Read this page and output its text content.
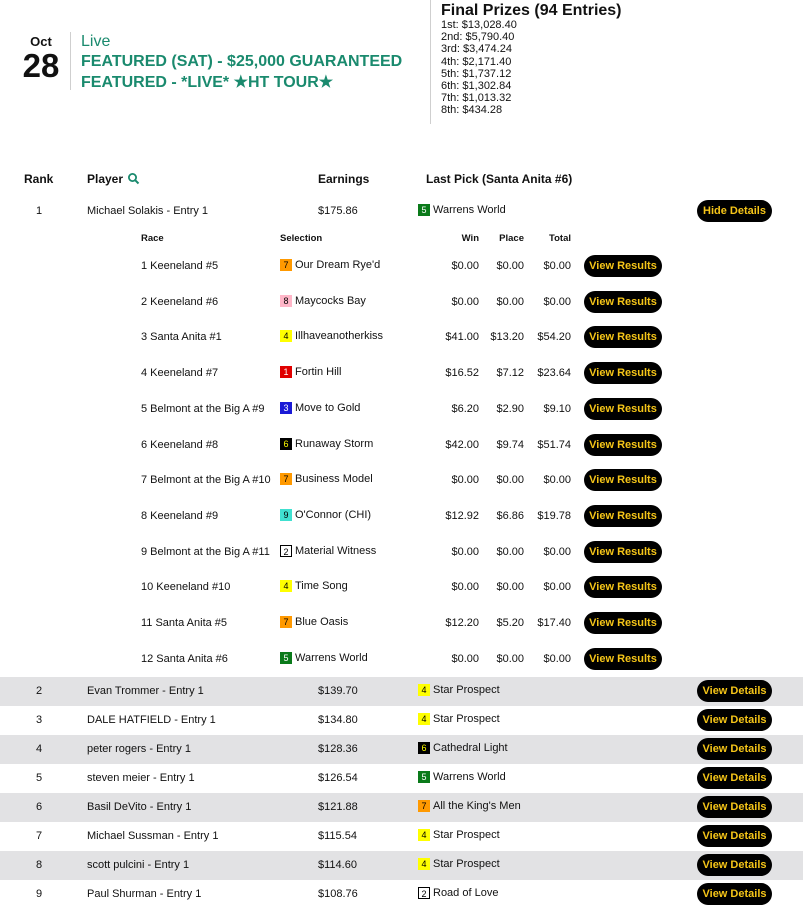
Oct
28
Live
FEATURED (SAT) - $25,000 GUARANTEED
FEATURED - *LIVE* ★HT TOUR★
Final Prizes (94 Entries)
1st: $13,028.40
2nd: $5,790.40
3rd: $3,474.24
4th: $2,171.40
5th: $1,737.12
6th: $1,302.84
7th: $1,013.32
8th: $434.28
Rank	Player	Earnings	Last Pick (Santa Anita #6)
1	Michael Solakis - Entry 1	$175.86	5 Warrens World	Hide Details
Race	Selection	Win	Place	Total
1 Keeneland #5	7 Our Dream Rye'd	$0.00	$0.00	$0.00	View Results
2 Keeneland #6	8 Maycocks Bay	$0.00	$0.00	$0.00	View Results
3 Santa Anita #1	4 Illhaveanotherkiss	$41.00	$13.20	$54.20	View Results
4 Keeneland #7	1 Fortin Hill	$16.52	$7.12	$23.64	View Results
5 Belmont at the Big A #9	3 Move to Gold	$6.20	$2.90	$9.10	View Results
6 Keeneland #8	6 Runaway Storm	$42.00	$9.74	$51.74	View Results
7 Belmont at the Big A #10	7 Business Model	$0.00	$0.00	$0.00	View Results
8 Keeneland #9	9 O'Connor (CHI)	$12.92	$6.86	$19.78	View Results
9 Belmont at the Big A #11	2 Material Witness	$0.00	$0.00	$0.00	View Results
10 Keeneland #10	4 Time Song	$0.00	$0.00	$0.00	View Results
11 Santa Anita #5	7 Blue Oasis	$12.20	$5.20	$17.40	View Results
12 Santa Anita #6	5 Warrens World	$0.00	$0.00	$0.00	View Results
2	Evan Trommer - Entry 1	$139.70	4 Star Prospect	View Details
3	DALE HATFIELD - Entry 1	$134.80	4 Star Prospect	View Details
4	peter rogers - Entry 1	$128.36	6 Cathedral Light	View Details
5	steven meier - Entry 1	$126.54	5 Warrens World	View Details
6	Basil DeVito - Entry 1	$121.88	7 All the King's Men	View Details
7	Michael Sussman - Entry 1	$115.54	4 Star Prospect	View Details
8	scott pulcini - Entry 1	$114.60	4 Star Prospect	View Details
9	Paul Shurman - Entry 1	$108.76	2 Road of Love	View Details
